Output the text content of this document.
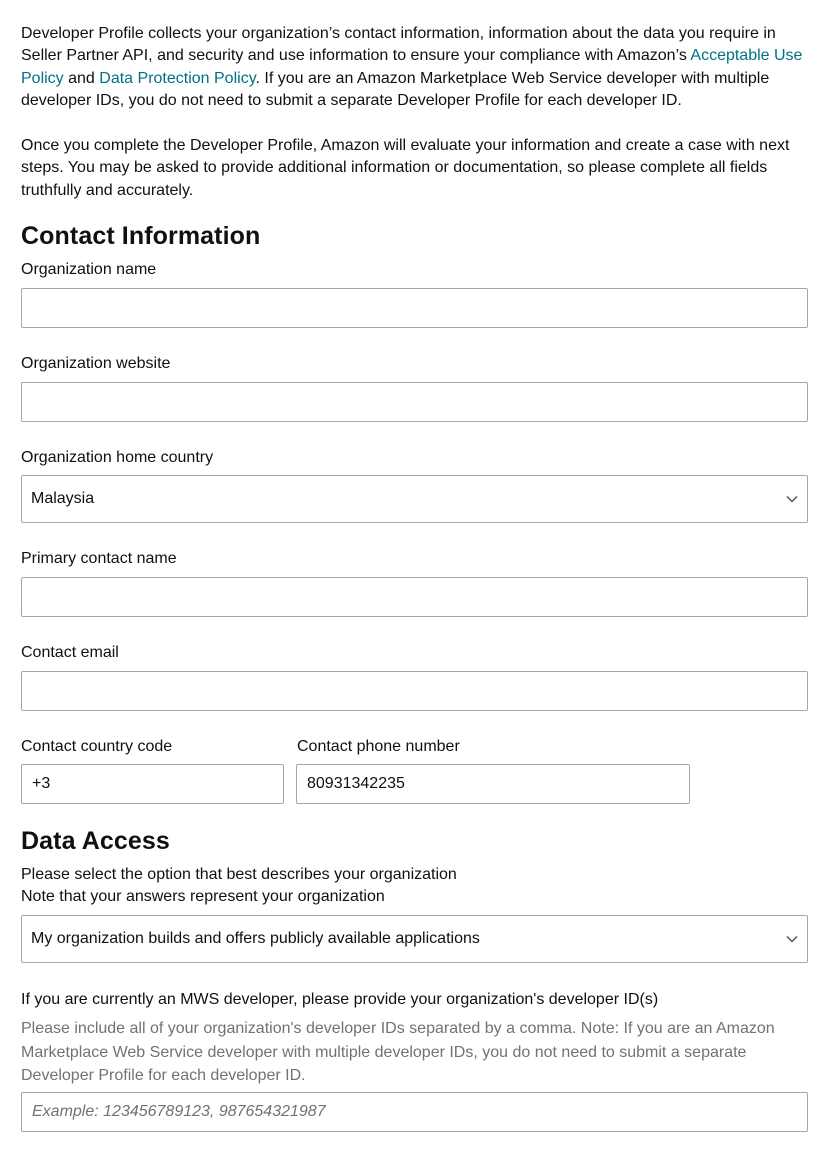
Developer Profile collects your organization’s contact information, information about the data you require in Seller Partner API, and security and use information to ensure your compliance with Amazon’s Acceptable Use Policy and Data Protection Policy. If you are an Amazon Marketplace Web Service developer with multiple developer IDs, you do not need to submit a separate Developer Profile for each developer ID.

Once you complete the Developer Profile, Amazon will evaluate your information and create a case with next steps. You may be asked to provide additional information or documentation, so please complete all fields truthfully and accurately.

Contact Information
Organization name
Organization website
Organization home country
Malaysia
Primary contact name
Contact email
Contact country code
+3	Contact phone number
80931342235
Data Access
Please select the option that best describes your organization
Note that your answers represent your organization
My organization builds and offers publicly available applications
If you are currently an MWS developer, please provide your organization's developer ID(s)

Please include all of your organization's developer IDs separated by a comma. Note: If you are an Amazon Marketplace Web Service developer with multiple developer IDs, you do not need to submit a separate Developer Profile for each developer ID.

Example: 123456789123, 987654321987
